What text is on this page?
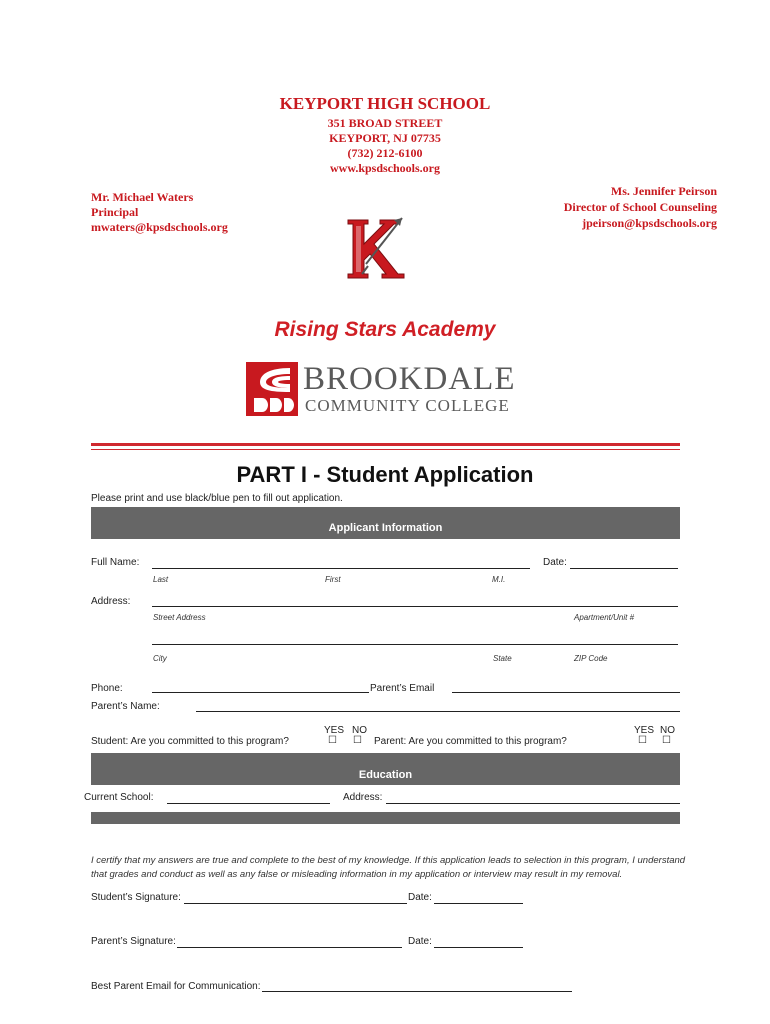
KEYPORT HIGH SCHOOL
351 BROAD STREET
KEYPORT, NJ 07735
(732) 212-6100
www.kpsdschools.org
Mr. Michael Waters
Principal
mwaters@kpsdschools.org
Ms. Jennifer Peirson
Director of School Counseling
jpeirson@kpsdschools.org
Rising Stars Academy
BROOKDALE
COMMUNITY COLLEGE
PART I - Student Application
Please print and use black/blue pen to fill out application.
Applicant Information
Full Name:	Date:
Last	First	M.I.
Address:
Street Address	Apartment/Unit #
City	State	ZIP Code
Phone:	Parent’s Email
Parent’s Name:
YES NO	YES NO
Student: Are you committed to this program?	☐ ☐ Parent: Are you committed to this program?	☐ ☐
Education
Current School:	Address:
I certify that my answers are true and complete to the best of my knowledge. If this application leads to selection in this program, I understand that grades and conduct as well as any false or misleading information in my application or interview may result in my removal.
Student’s Signature:	Date:
Parent’s Signature:	Date:
Best Parent Email for Communication:
